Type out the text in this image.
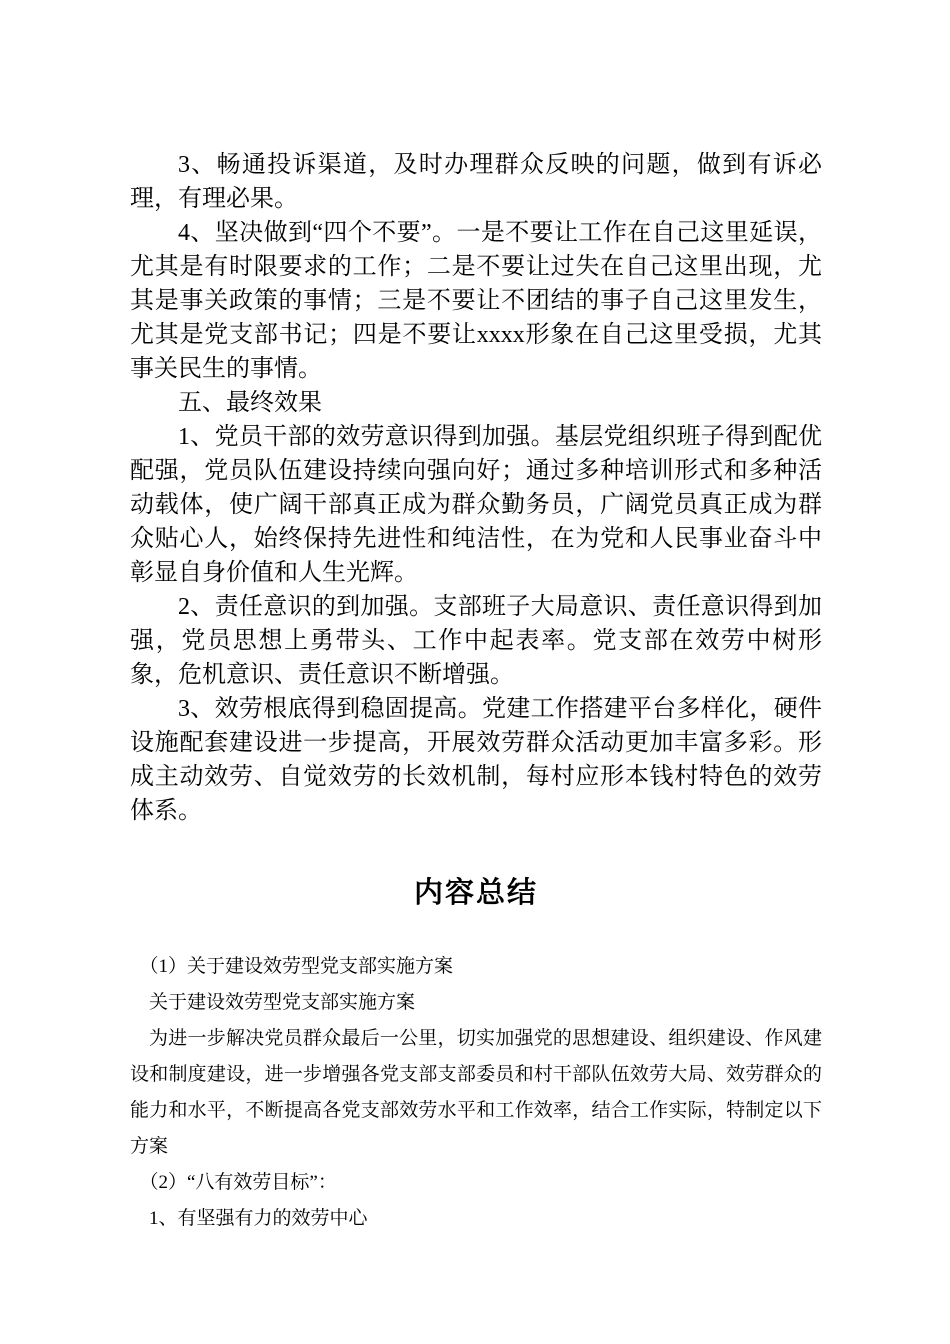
3、畅通投诉渠道，及时办理群众反映的问题，做到有诉必理，有理必果。

4、坚决做到“四个不要”。一是不要让工作在自己这里延误，尤其是有时限要求的工作；二是不要让过失在自己这里出现，尤其是事关政策的事情；三是不要让不团结的事子自己这里发生，尤其是党支部书记；四是不要让xxxx形象在自己这里受损，尤其事关民生的事情。

五、最终效果

1、党员干部的效劳意识得到加强。基层党组织班子得到配优配强，党员队伍建设持续向强向好；通过多种培训形式和多种活动载体，使广阔干部真正成为群众勤务员，广阔党员真正成为群众贴心人，始终保持先进性和纯洁性，在为党和人民事业奋斗中彰显自身价值和人生光辉。

2、责任意识的到加强。支部班子大局意识、责任意识得到加强，党员思想上勇带头、工作中起表率。党支部在效劳中树形象，危机意识、责任意识不断增强。

3、效劳根底得到稳固提高。党建工作搭建平台多样化，硬件设施配套建设进一步提高，开展效劳群众活动更加丰富多彩。形成主动效劳、自觉效劳的长效机制，每村应形本钱村特色的效劳体系。

内容总结

（1）关于建设效劳型党支部实施方案

关于建设效劳型党支部实施方案

为进一步解决党员群众最后一公里，切实加强党的思想建设、组织建设、作风建设和制度建设，进一步增强各党支部支部委员和村干部队伍效劳大局、效劳群众的能力和水平，不断提高各党支部效劳水平和工作效率，结合工作实际，特制定以下方案

（2）“八有效劳目标”：

1、有坚强有力的效劳中心
